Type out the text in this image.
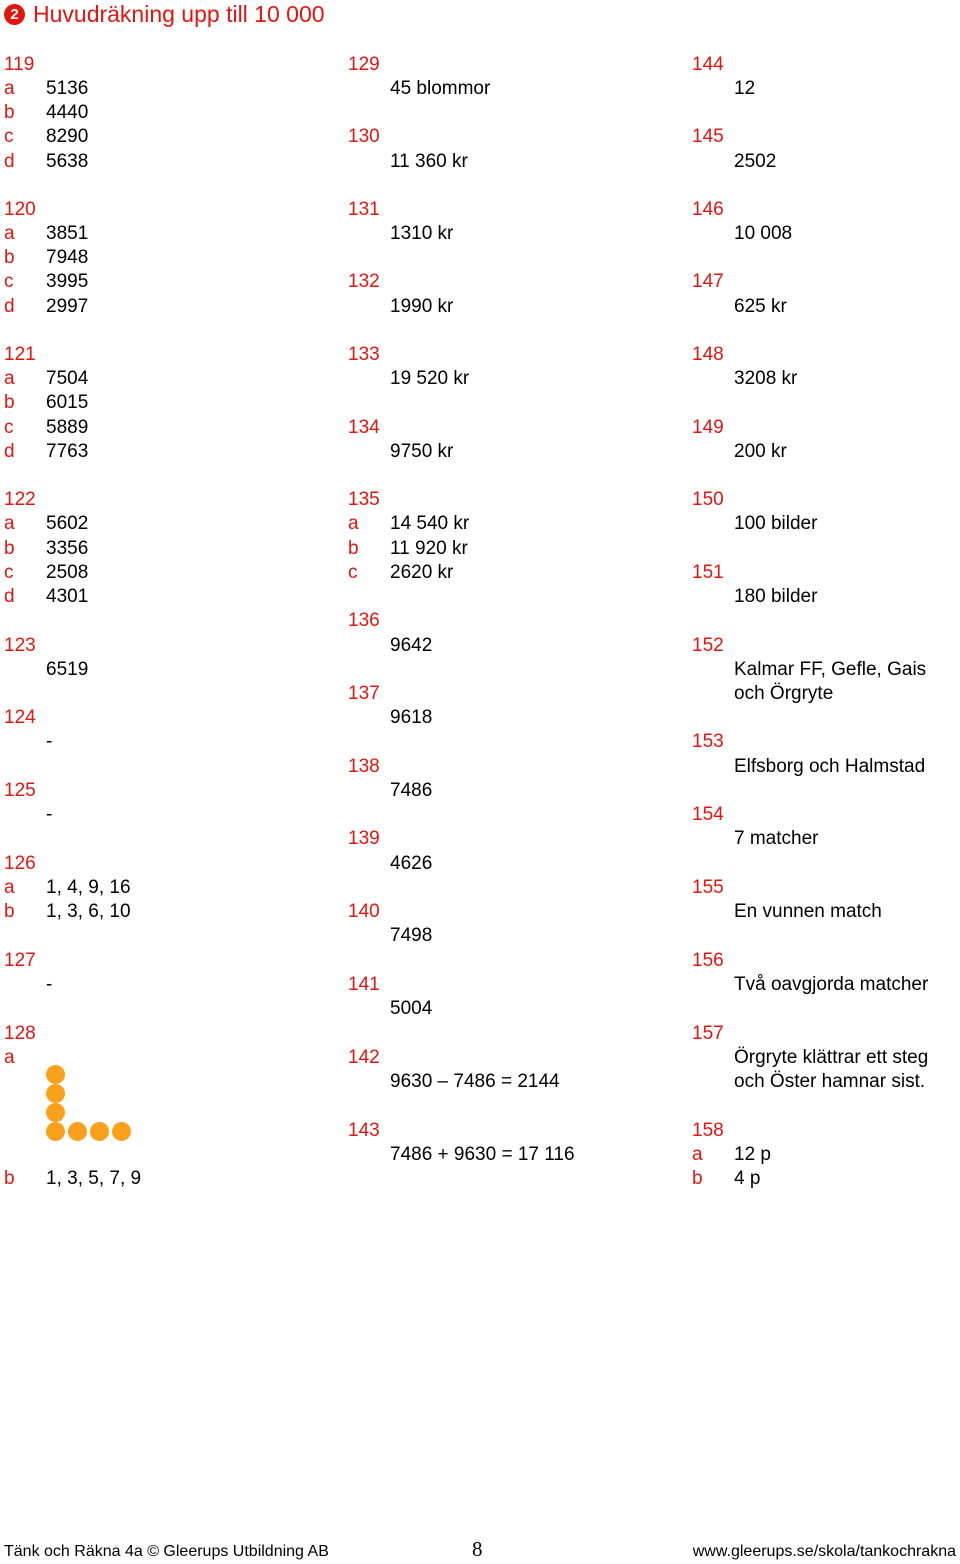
2 Huvudräkning upp till 10 000
119
a 5136
b 4440
c 8290
d 5638
120
a 3851
b 7948
c 3995
d 2997
121
a 7504
b 6015
c 5889
d 7763
122
a 5602
b 3356
c 2508
d 4301
123
6519
124
-
125
-
126
a 1, 4, 9, 16
b 1, 3, 6, 10
127
-
128
a
b 1, 3, 5, 7, 9
129
45 blommor
130
11 360 kr
131
1310 kr
132
1990 kr
133
19 520 kr
134
9750 kr
135
a 14 540 kr
b 11 920 kr
c 2620 kr
136
9642
137
9618
138
7486
139
4626
140
7498
141
5004
142
9630 – 7486 = 2144
143
7486 + 9630 = 17 116
144
12
145
2502
146
10 008
147
625 kr
148
3208 kr
149
200 kr
150
100 bilder
151
180 bilder
152
Kalmar FF, Gefle, Gais
och Örgryte
153
Elfsborg och Halmstad
154
7 matcher
155
En vunnen match
156
Två oavgjorda matcher
157
Örgryte klättrar ett steg
och Öster hamnar sist.
158
a 12 p
b 4 p
Tänk och Räkna 4a © Gleerups Utbildning AB	8	www.gleerups.se/skola/tankochrakna
